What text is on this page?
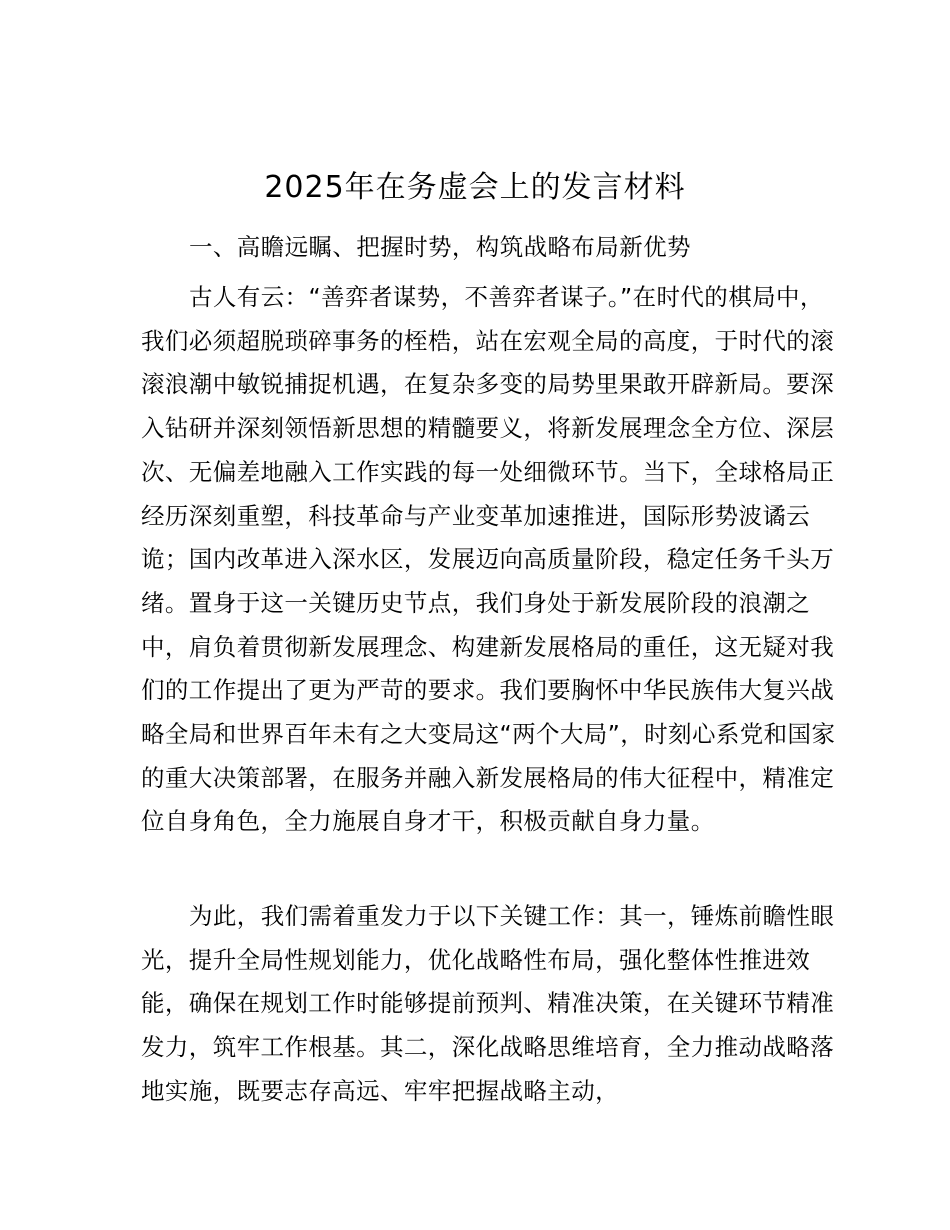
2025年在务虚会上的发言材料

一、高瞻远瞩、把握时势，构筑战略布局新优势

古人有云：“善弈者谋势，不善弈者谋子。”在时代的棋局中，我们必须超脱琐碎事务的桎梏，站在宏观全局的高度，于时代的滚滚浪潮中敏锐捕捉机遇，在复杂多变的局势里果敢开辟新局。要深入钻研并深刻领悟新思想的精髓要义，将新发展理念全方位、深层次、无偏差地融入工作实践的每一处细微环节。当下，全球格局正经历深刻重塑，科技革命与产业变革加速推进，国际形势波谲云诡；国内改革进入深水区，发展迈向高质量阶段，稳定任务千头万绪。置身于这一关键历史节点，我们身处于新发展阶段的浪潮之中，肩负着贯彻新发展理念、构建新发展格局的重任，这无疑对我们的工作提出了更为严苛的要求。我们要胸怀中华民族伟大复兴战略全局和世界百年未有之大变局这“两个大局”，时刻心系党和国家的重大决策部署，在服务并融入新发展格局的伟大征程中，精准定位自身角色，全力施展自身才干，积极贡献自身力量。

为此，我们需着重发力于以下关键工作：其一，锤炼前瞻性眼光，提升全局性规划能力，优化战略性布局，强化整体性推进效能，确保在规划工作时能够提前预判、精准决策，在关键环节精准发力，筑牢工作根基。其二，深化战略思维培育，全力推动战略落地实施，既要志存高远、牢牢把握战略主动，
